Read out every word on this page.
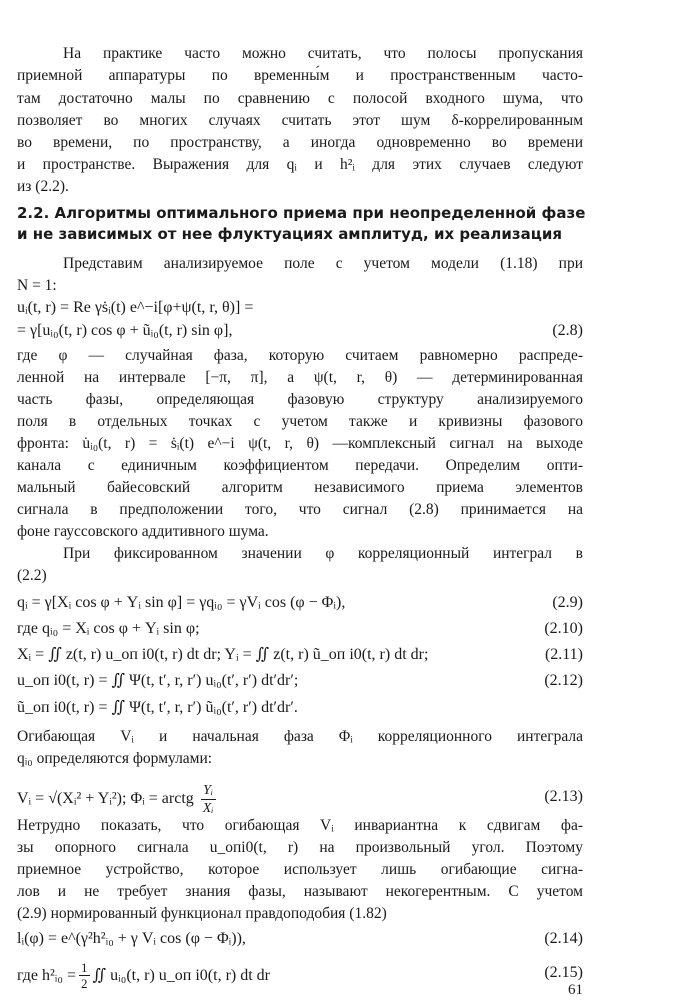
На практике часто можно считать, что полосы пропускания
приемной аппаратуры по временны́м и пространственным часто-
там достаточно малы по сравнению с полосой входного шума, что
позволяет во многих случаях считать этот шум δ-коррелированным
во времени, по пространству, а иногда одновременно во времени
и пространстве. Выражения для qᵢ и h²ᵢ для этих случаев следуют
из (2.2).
2.2. Алгоритмы оптимального приема при неопределенной фазе
и не зависимых от нее флуктуациях амплитуд, их реализация
Представим анализируемое поле с учетом модели (1.18) при
N = 1:
uᵢ(t, r) = Re γṡᵢ(t) e^−i[φ+ψ(t, r, θ)] =
= γ[uᵢ₀(t, r) cos φ + ũᵢ₀(t, r) sin φ],	(2.8)
где φ — случайная фаза, которую считаем равномерно распреде-
ленной на интервале [−π, π], а ψ(t, r, θ) — детерминированная
часть фазы, определяющая фазовую структуру анализируемого
поля в отдельных точках с учетом также и кривизны фазового
фронта: u̇ᵢ₀(t, r) = ṡᵢ(t) e^−i ψ(t, r, θ) —комплексный сигнал на выходе
канала с единичным коэффициентом передачи. Определим опти-
мальный байесовский алгоритм независимого приема элементов
сигнала в предположении того, что сигнал (2.8) принимается на
фоне гауссовского аддитивного шума.
При фиксированном значении φ корреляционный интеграл в
(2.2)
qᵢ = γ[Xᵢ cos φ + Yᵢ sin φ] = γqᵢ₀ = γVᵢ cos (φ − Φᵢ),	(2.9)
где qᵢ₀ = Xᵢ cos φ + Yᵢ sin φ;	(2.10)
Xᵢ = ∬ z(t, r) u_оп i0(t, r) dt dr; Yᵢ = ∬ z(t, r) ũ_оп i0(t, r) dt dr;	(2.11)
u_оп i0(t, r) = ∬ Ψ(t, t′, r, r′) uᵢ₀(t′, r′) dt′dr′;	(2.12)
ũ_оп i0(t, r) = ∬ Ψ(t, t′, r, r′) ũᵢ₀(t′, r′) dt′dr′.
Огибающая Vᵢ и начальная фаза Φᵢ корреляционного интеграла
qᵢ₀ определяются формулами:
Vᵢ = √(Xᵢ² + Yᵢ²); Φᵢ = arctg $\frac{\text{Yᵢ}}{\text{Xᵢ}}$	(2.13)
Нетрудно показать, что огибающая Vᵢ инвариантна к сдвигам фа-
зы опорного сигнала u_опi0(t, r) на произвольный угол. Поэтому
приемное устройство, которое использует лишь огибающие сигна-
лов и не требует знания фазы, называют некогерентным. С учетом
(2.9) нормированный функционал правдоподобия (1.82)
lᵢ(φ) = e^(γ²h²ᵢ₀ + γ Vᵢ cos (φ − Φᵢ)),	(2.14)
где h²ᵢ₀ = $\frac{1}{2}$ ∬ uᵢ₀(t, r) u_оп i0(t, r) dt dr	(2.15)
61
